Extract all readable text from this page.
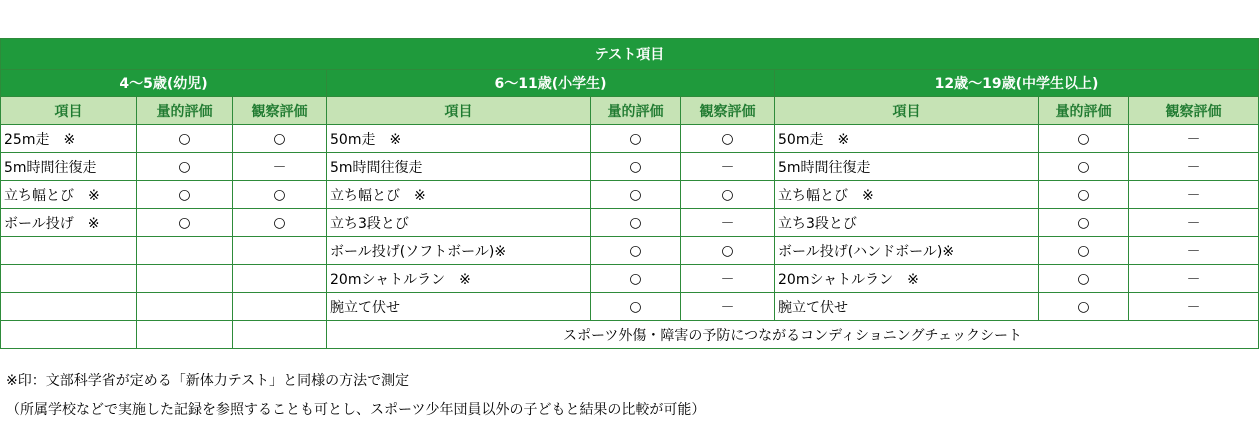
テスト項目								
4～5歳(幼児)			6～11歳(小学生)			12歳～19歳(中学生以上)		
項目	量的評価	観察評価	項目	量的評価	観察評価	項目	量的評価	観察評価
25m走　※	○	○	50m走　※	○	○	50m走　※	○	－
5m時間往復走	○	－	5m時間往復走	○	－	5m時間往復走	○	－
立ち幅とび　※	○	○	立ち幅とび　※	○	○	立ち幅とび　※	○	－
ボール投げ　※	○	○	立ち3段とび	○	－	立ち3段とび	○	－
			ボール投げ(ソフトボール)※	○	○	ボール投げ(ハンドボール)※	○	－
			20mシャトルラン　※	○	－	20mシャトルラン　※	○	－
			腕立て伏せ	○	－	腕立て伏せ	○	－
			スポーツ外傷・障害の予防につながるコンディショニングチェックシート					
※印：文部科学省が定める「新体力テスト」と同様の方法で測定
（所属学校などで実施した記録を参照することも可とし、スポーツ少年団員以外の子どもと結果の比較が可能）
